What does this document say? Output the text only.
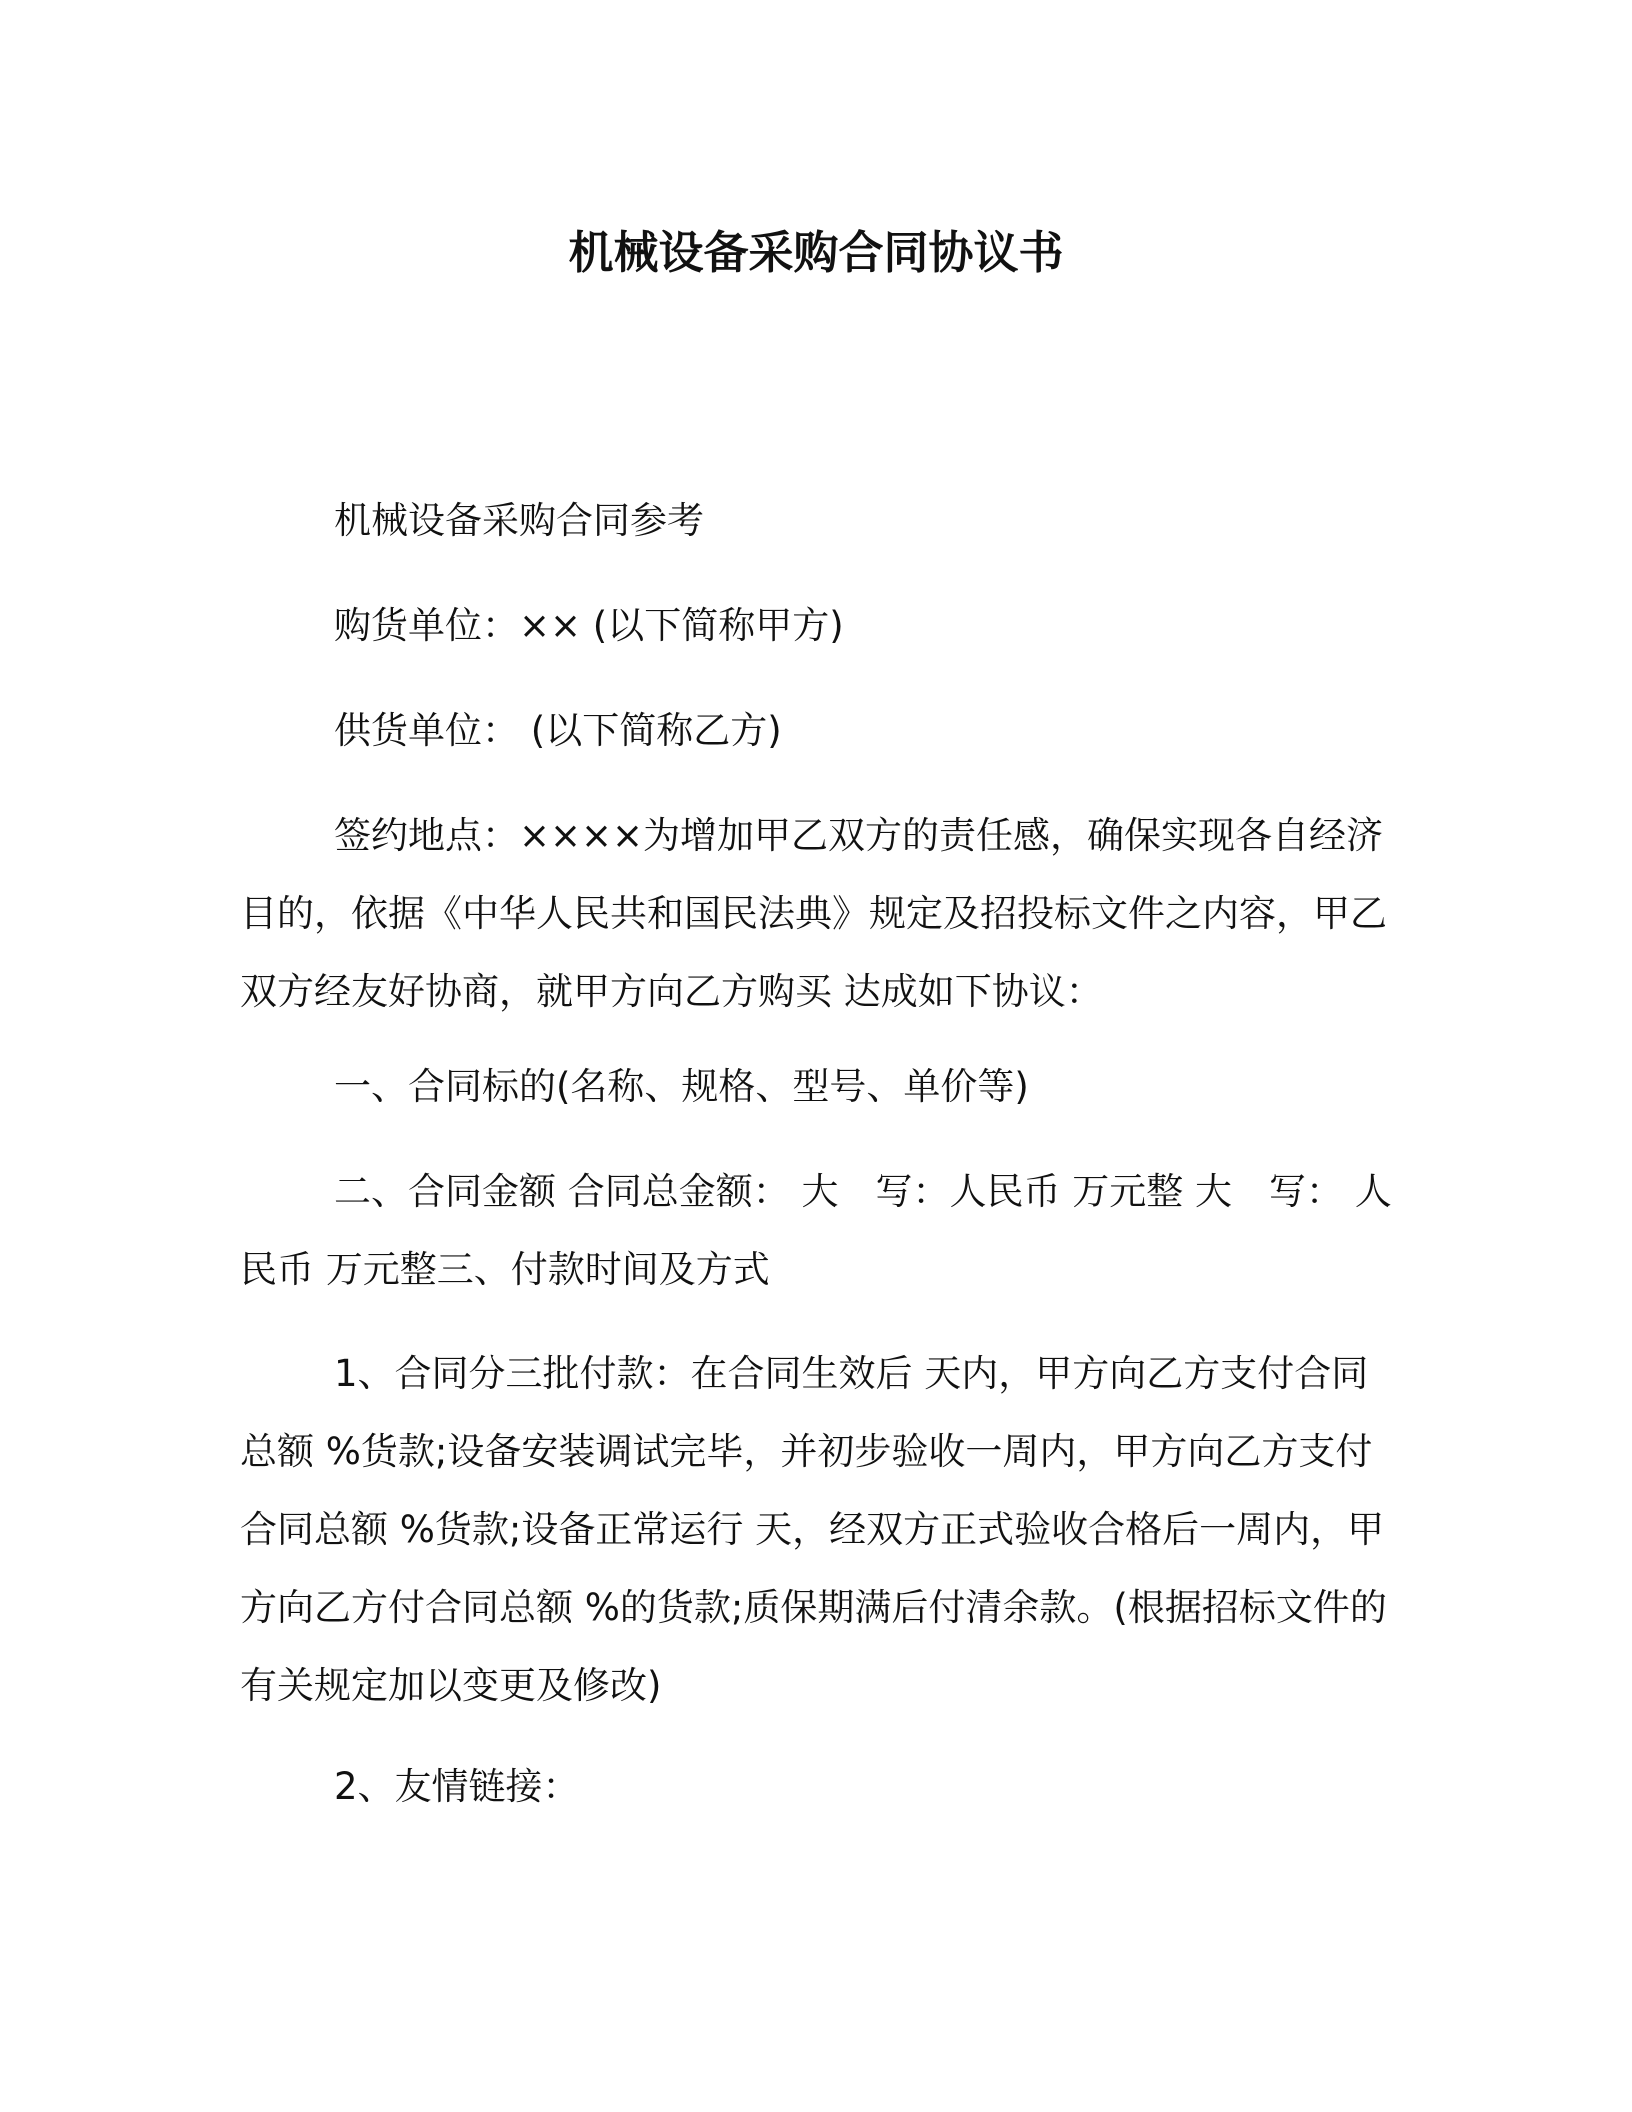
机械设备采购合同协议书

机械设备采购合同参考

购货单位：×× (以下简称甲方)

供货单位： (以下简称乙方)

签约地点：××××为增加甲乙双方的责任感，确保实现各自经济目的，依据《中华人民共和国民法典》规定及招投标文件之内容，甲乙双方经友好协商，就甲方向乙方购买 达成如下协议：

一、合同标的(名称、规格、型号、单价等)

二、合同金额 合同总金额： 大　写：人民币 万元整 大　写： 人民币 万元整三、付款时间及方式

1、合同分三批付款：在合同生效后 天内，甲方向乙方支付合同总额 %货款;设备安装调试完毕，并初步验收一周内，甲方向乙方支付合同总额 %货款;设备正常运行 天，经双方正式验收合格后一周内，甲方向乙方付合同总额 %的货款;质保期满后付清余款。(根据招标文件的有关规定加以变更及修改)

2、友情链接：
